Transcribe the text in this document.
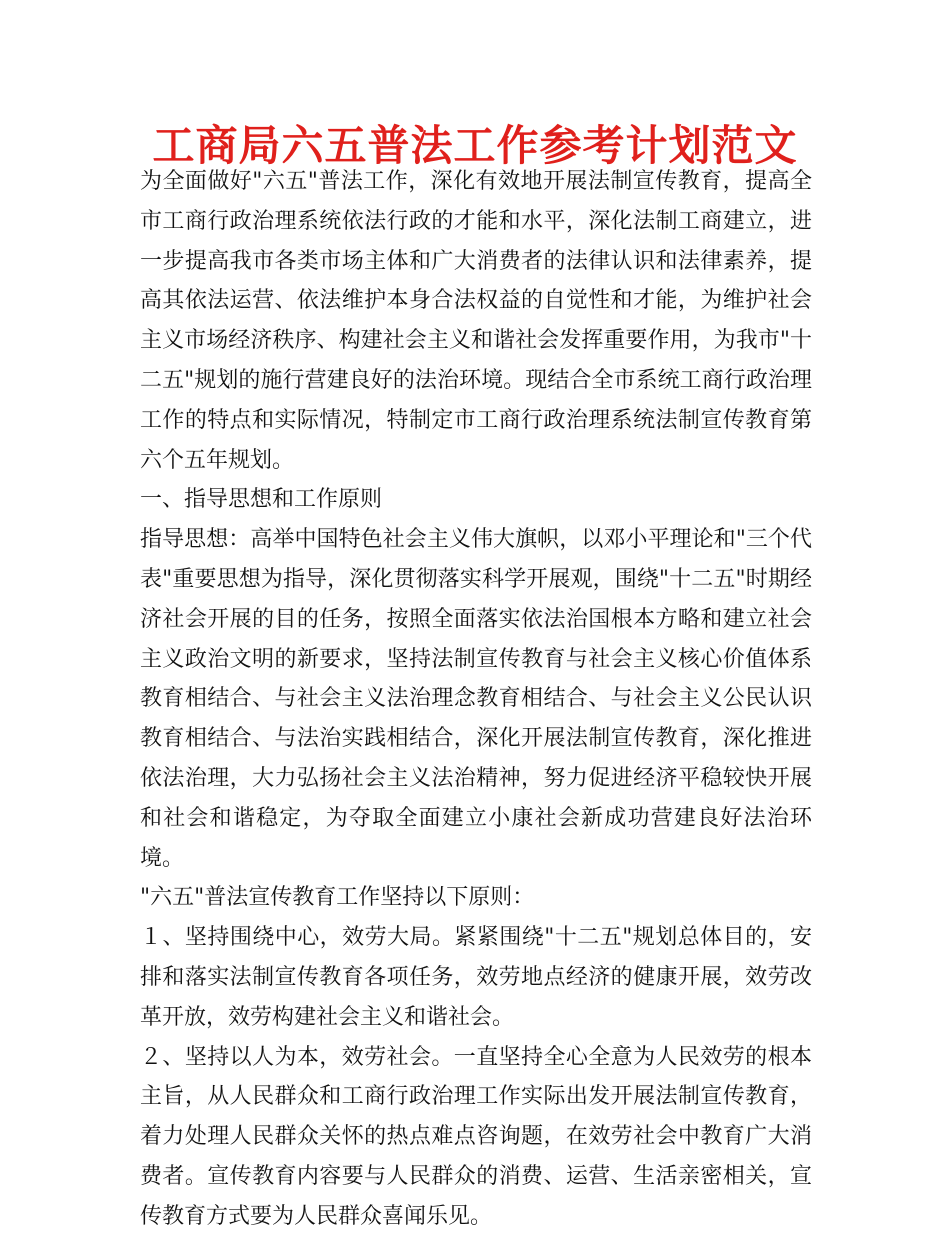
工商局六五普法工作参考计划范文

为全面做好"六五"普法工作，深化有效地开展法制宣传教育，提高全市工商行政治理系统依法行政的才能和水平，深化法制工商建立，进一步提高我市各类市场主体和广大消费者的法律认识和法律素养，提高其依法运营、依法维护本身合法权益的自觉性和才能，为维护社会主义市场经济秩序、构建社会主义和谐社会发挥重要作用，为我市"十二五"规划的施行营建良好的法治环境。现结合全市系统工商行政治理工作的特点和实际情况，特制定市工商行政治理系统法制宣传教育第六个五年规划。

一、指导思想和工作原则

指导思想：高举中国特色社会主义伟大旗帜，以邓小平理论和"三个代表"重要思想为指导，深化贯彻落实科学开展观，围绕"十二五"时期经济社会开展的目的任务，按照全面落实依法治国根本方略和建立社会主义政治文明的新要求，坚持法制宣传教育与社会主义核心价值体系教育相结合、与社会主义法治理念教育相结合、与社会主义公民认识教育相结合、与法治实践相结合，深化开展法制宣传教育，深化推进依法治理，大力弘扬社会主义法治精神，努力促进经济平稳较快开展和社会和谐稳定，为夺取全面建立小康社会新成功营建良好法治环境。

"六五"普法宣传教育工作坚持以下原则：

１、坚持围绕中心，效劳大局。紧紧围绕"十二五"规划总体目的，安排和落实法制宣传教育各项任务，效劳地点经济的健康开展，效劳改革开放，效劳构建社会主义和谐社会。

２、坚持以人为本，效劳社会。一直坚持全心全意为人民效劳的根本主旨，从人民群众和工商行政治理工作实际出发开展法制宣传教育，着力处理人民群众关怀的热点难点咨询题，在效劳社会中教育广大消费者。宣传教育内容要与人民群众的消费、运营、生活亲密相关，宣传教育方式要为人民群众喜闻乐见。
